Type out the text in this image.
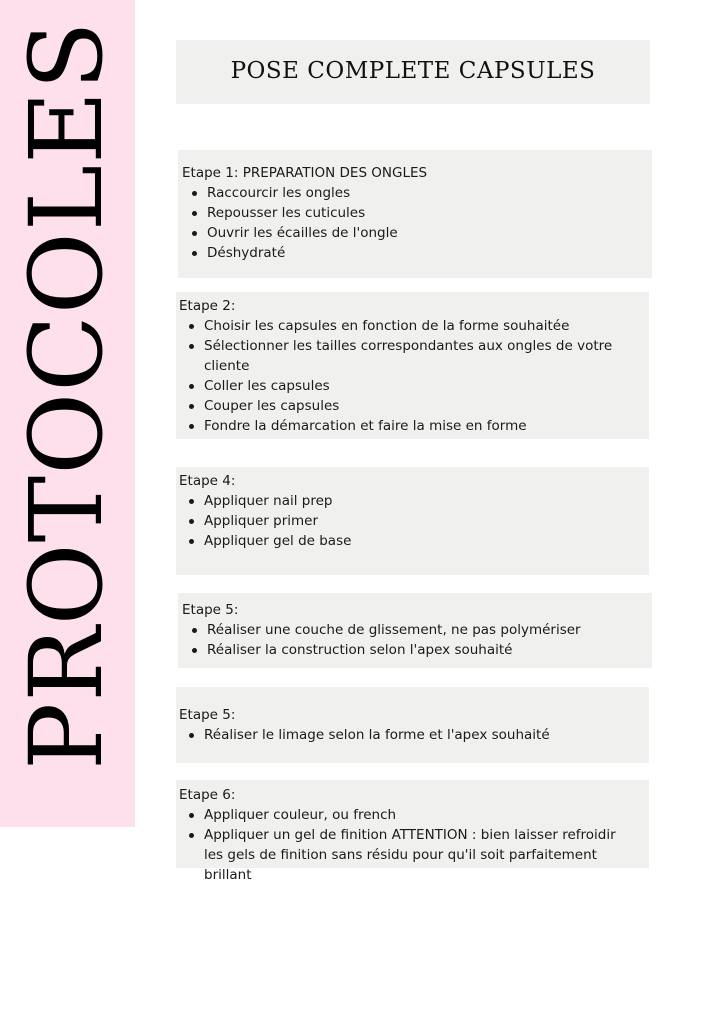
PROTOCOLES	POSE COMPLETE CAPSULES
Etape 1: PREPARATION DES ONGLES
Raccourcir les ongles
Repousser les cuticules
Ouvrir les écailles de l'ongle
Déshydraté
Etape 2:
Choisir les capsules en fonction de la forme souhaitée
Sélectionner les tailles correspondantes aux ongles de votre cliente
Coller les capsules
Couper les capsules
Fondre la démarcation et faire la mise en forme
Etape 4:
Appliquer nail prep
Appliquer primer
Appliquer gel de base
Etape 5:
Réaliser une couche de glissement, ne pas polymériser
Réaliser la construction selon l'apex souhaité
Etape 5:
Réaliser le limage selon la forme et l'apex souhaité
Etape 6:
Appliquer couleur, ou french
Appliquer un gel de finition ATTENTION : bien laisser refroidir les gels de finition sans résidu pour qu'il soit parfaitement brillant
